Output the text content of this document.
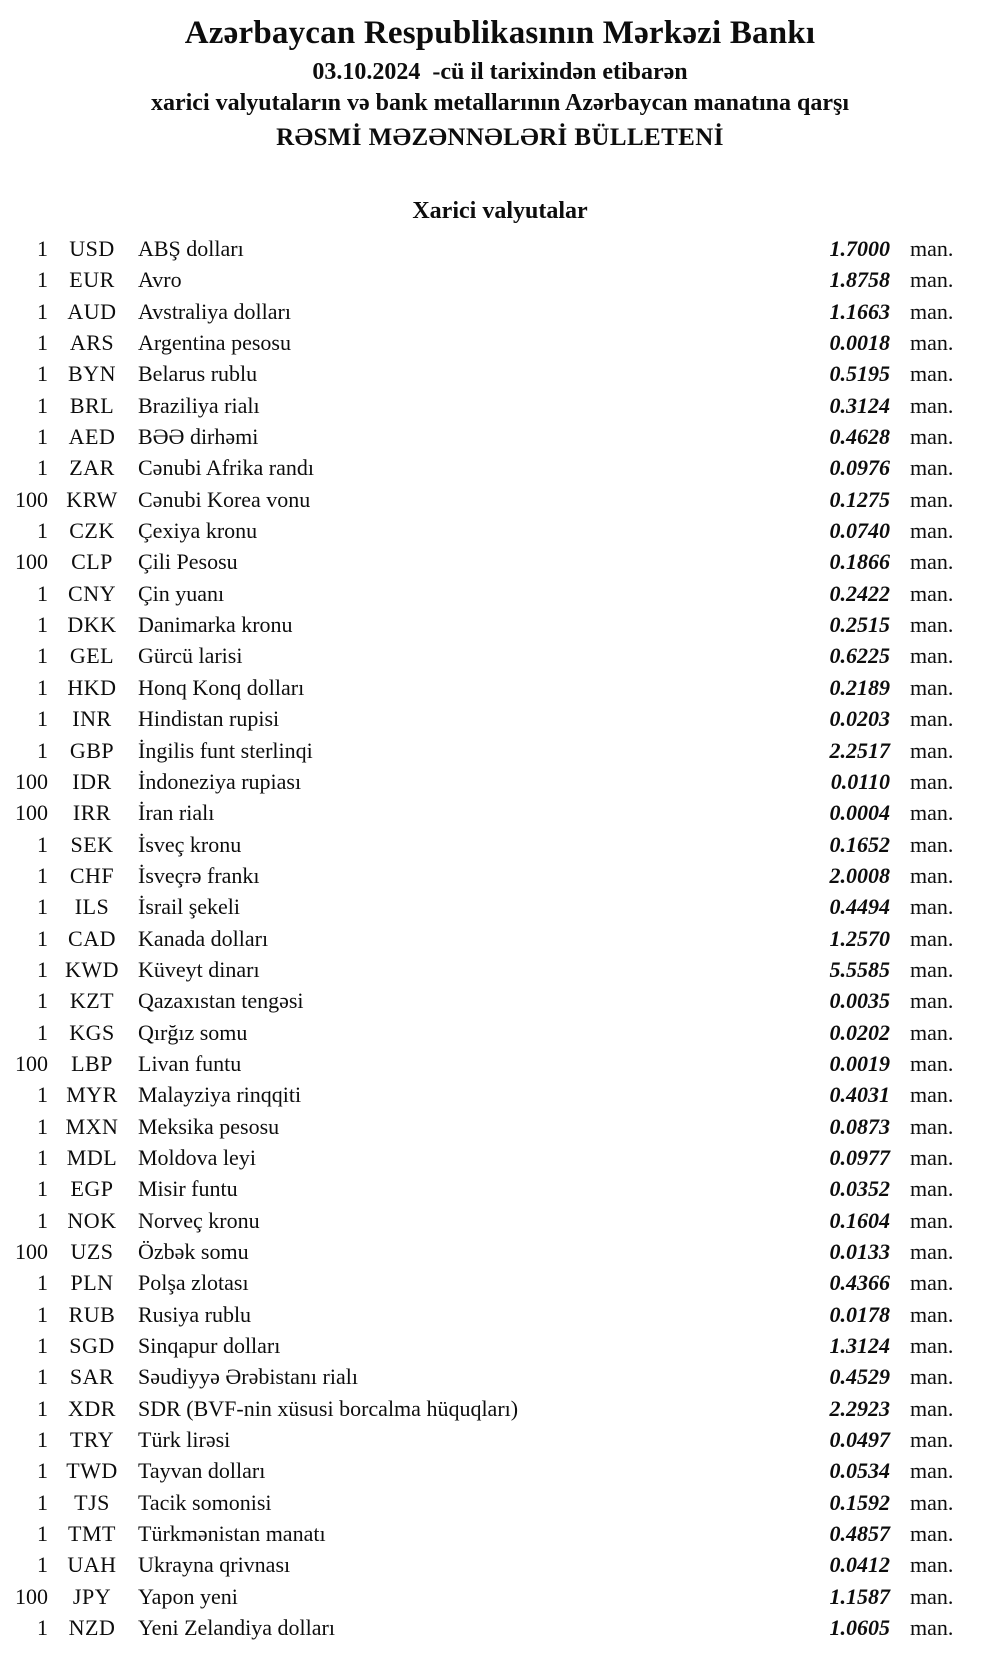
Azərbaycan Respublikasının Mərkəzi Bankı
03.10.2024  -cü il tarixindən etibarən
xarici valyutaların və bank metallarının Azərbaycan manatına qarşı
RƏSMİ MƏZƏNNƏLƏRİ BÜLLETENİ
Xarici valyutalar
1 USD	ABŞ dolları	1.7000 man.
1 EUR	Avro	1.8758 man.
1 AUD Avstraliya dolları	1.1663 man.
1 ARS	Argentina pesosu	0.0018 man.
1 BYN	Belarus rublu	0.5195 man.
1 BRL	Braziliya rialı	0.3124 man.
1 AED	BƏƏ dirhəmi	0.4628 man.
1 ZAR	Cənubi Afrika randı	0.0976 man.
100 KRW Cənubi Korea vonu	0.1275 man.
1 CZK	Çexiya kronu	0.0740 man.
100	CLP	Çili Pesosu	0.1866 man.
1 CNY	Çin yuanı	0.2422 man.
1 DKK Danimarka kronu	0.2515 man.
1 GEL	Gürcü larisi	0.6225 man.
1 HKD Honq Konq dolları	0.2189 man.
1	INR	Hindistan rupisi	0.0203 man.
1 GBP	İngilis funt sterlinqi	2.2517 man.
100	IDR	İndoneziya rupiası	0.0110 man.
100	IRR	İran rialı	0.0004 man.
1	SEK	İsveç kronu	0.1652 man.
1 CHF	İsveçrə frankı	2.0008 man.
1	ILS	İsrail şekeli	0.4494 man.
1 CAD	Kanada dolları	1.2570 man.
1 KWD Küveyt dinarı	5.5585 man.
1 KZT	Qazaxıstan tengəsi	0.0035 man.
1 KGS	Qırğız somu	0.0202 man.
100	LBP	Livan funtu	0.0019 man.
1 MYR Malayziya rinqqiti	0.4031 man.
1 MXN Meksika pesosu	0.0873 man.
1 MDL Moldova leyi	0.0977 man.
1	EGP	Misir funtu	0.0352 man.
1 NOK Norveç kronu	0.1604 man.
100	UZS	Özbək somu	0.0133 man.
1	PLN	Polşa zlotası	0.4366 man.
1 RUB	Rusiya rublu	0.0178 man.
1 SGD	Sinqapur dolları	1.3124 man.
1 SAR	Səudiyyə Ərəbistanı rialı	0.4529 man.
1 XDR	SDR (BVF-nin xüsusi borcalma hüquqları)	2.2923 man.
1 TRY	Türk lirəsi	0.0497 man.
1 TWD Tayvan dolları	0.0534 man.
1	TJS	Tacik somonisi	0.1592 man.
1 TMT	Türkmənistan manatı	0.4857 man.
1 UAH Ukrayna qrivnası	0.0412 man.
100	JPY	Yapon yeni	1.1587 man.
1 NZD	Yeni Zelandiya dolları	1.0605 man.
